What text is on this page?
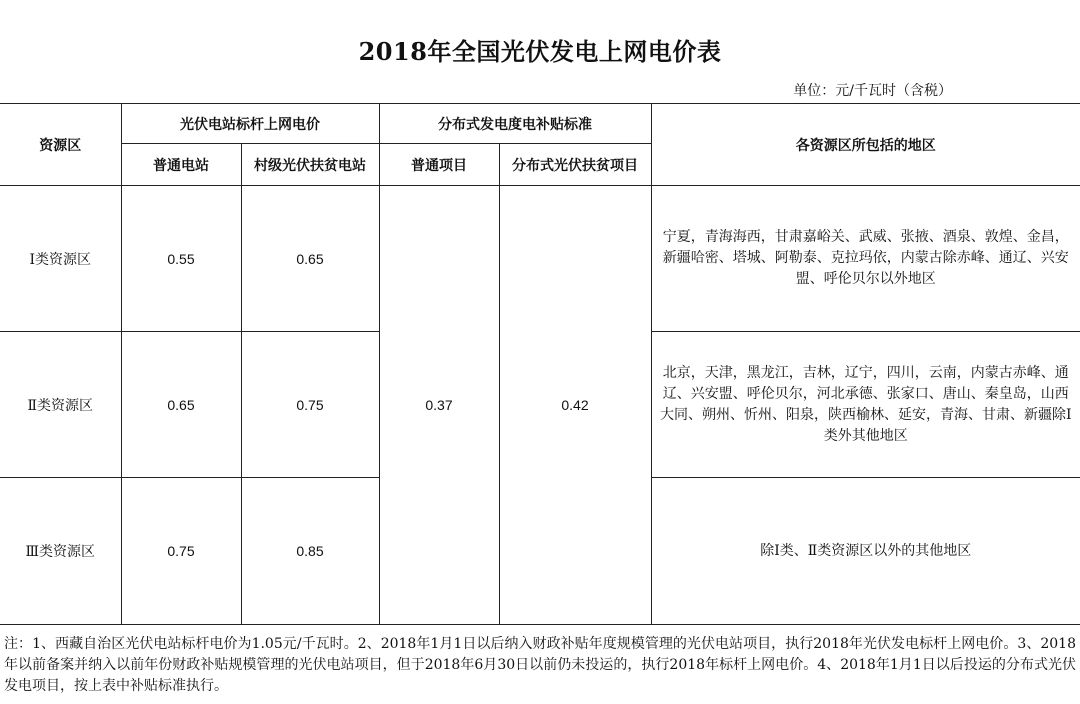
2018年全国光伏发电上网电价表
单位：元/千瓦时（含税）
资源区	光伏电站标杆上网电价		分布式发电度电补贴标准		各资源区所包括的地区
	普通电站	村级光伏扶贫电站	普通项目	分布式光伏扶贫项目	
Ⅰ类资源区	0.55	0.65	0.37	0.42	宁夏，青海海西，甘肃嘉峪关、武威、张掖、酒泉、敦煌、金昌，新疆哈密、塔城、阿勒泰、克拉玛依，内蒙古除赤峰、通辽、兴安盟、呼伦贝尔以外地区
Ⅱ类资源区	0.65	0.75			北京，天津，黑龙江，吉林，辽宁，四川，云南，内蒙古赤峰、通辽、兴安盟、呼伦贝尔，河北承德、张家口、唐山、秦皇岛，山西大同、朔州、忻州、阳泉，陕西榆林、延安，青海、甘肃、新疆除Ⅰ类外其他地区
Ⅲ类资源区	0.75	0.85			除Ⅰ类、Ⅱ类资源区以外的其他地区
注：1、西藏自治区光伏电站标杆电价为1.05元/千瓦时。2、2018年1月1日以后纳入财政补贴年度规模管理的光伏电站项目，执行2018年光伏发电标杆上网电价。3、2018年以前备案并纳入以前年份财政补贴规模管理的光伏电站项目，但于2018年6月30日以前仍未投运的，执行2018年标杆上网电价。4、2018年1月1日以后投运的分布式光伏发电项目，按上表中补贴标准执行。
